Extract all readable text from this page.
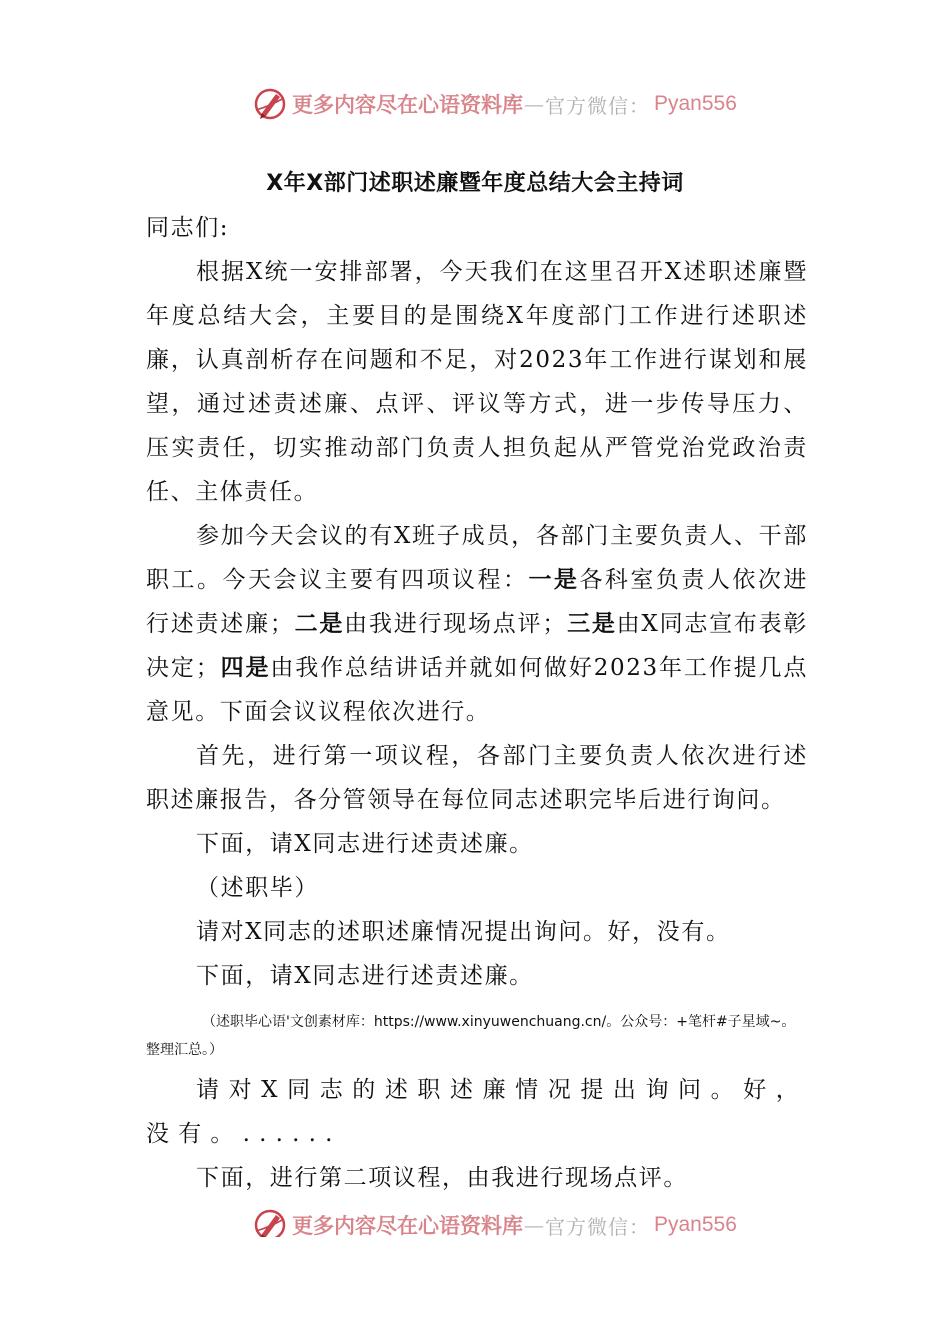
更多内容尽在心语资料库 — 官方微信： Pyan556
X年X部门述职述廉暨年度总结大会主持词

同志们:

根据X统一安排部署，今天我们在这里召开X述职述廉暨年度总结大会，主要目的是围绕X年度部门工作进行述职述廉，认真剖析存在问题和不足，对2023年工作进行谋划和展望，通过述责述廉、点评、评议等方式，进一步传导压力、压实责任，切实推动部门负责人担负起从严管党治党政治责任、主体责任。

参加今天会议的有X班子成员，各部门主要负责人、干部职工。今天会议主要有四项议程：一是各科室负责人依次进行述责述廉；二是由我进行现场点评；三是由X同志宣布表彰决定；四是由我作总结讲话并就如何做好2023年工作提几点意见。下面会议议程依次进行。

首先，进行第一项议程，各部门主要负责人依次进行述职述廉报告，各分管领导在每位同志述职完毕后进行询问。

下面，请X同志进行述责述廉。

（述职毕）

请对X同志的述职述廉情况提出询问。好，没有。

下面，请X同志进行述责述廉。

（述职毕心语'文创素材库：https://www.xinyuwenchuang.cn/。公众号：+笔杆#子星域~。整理汇总。）

请对X同志的述职述廉情况提出询问。好，没有。......

下面，进行第二项议程，由我进行现场点评。

更多内容尽在心语资料库 — 官方微信： Pyan556
